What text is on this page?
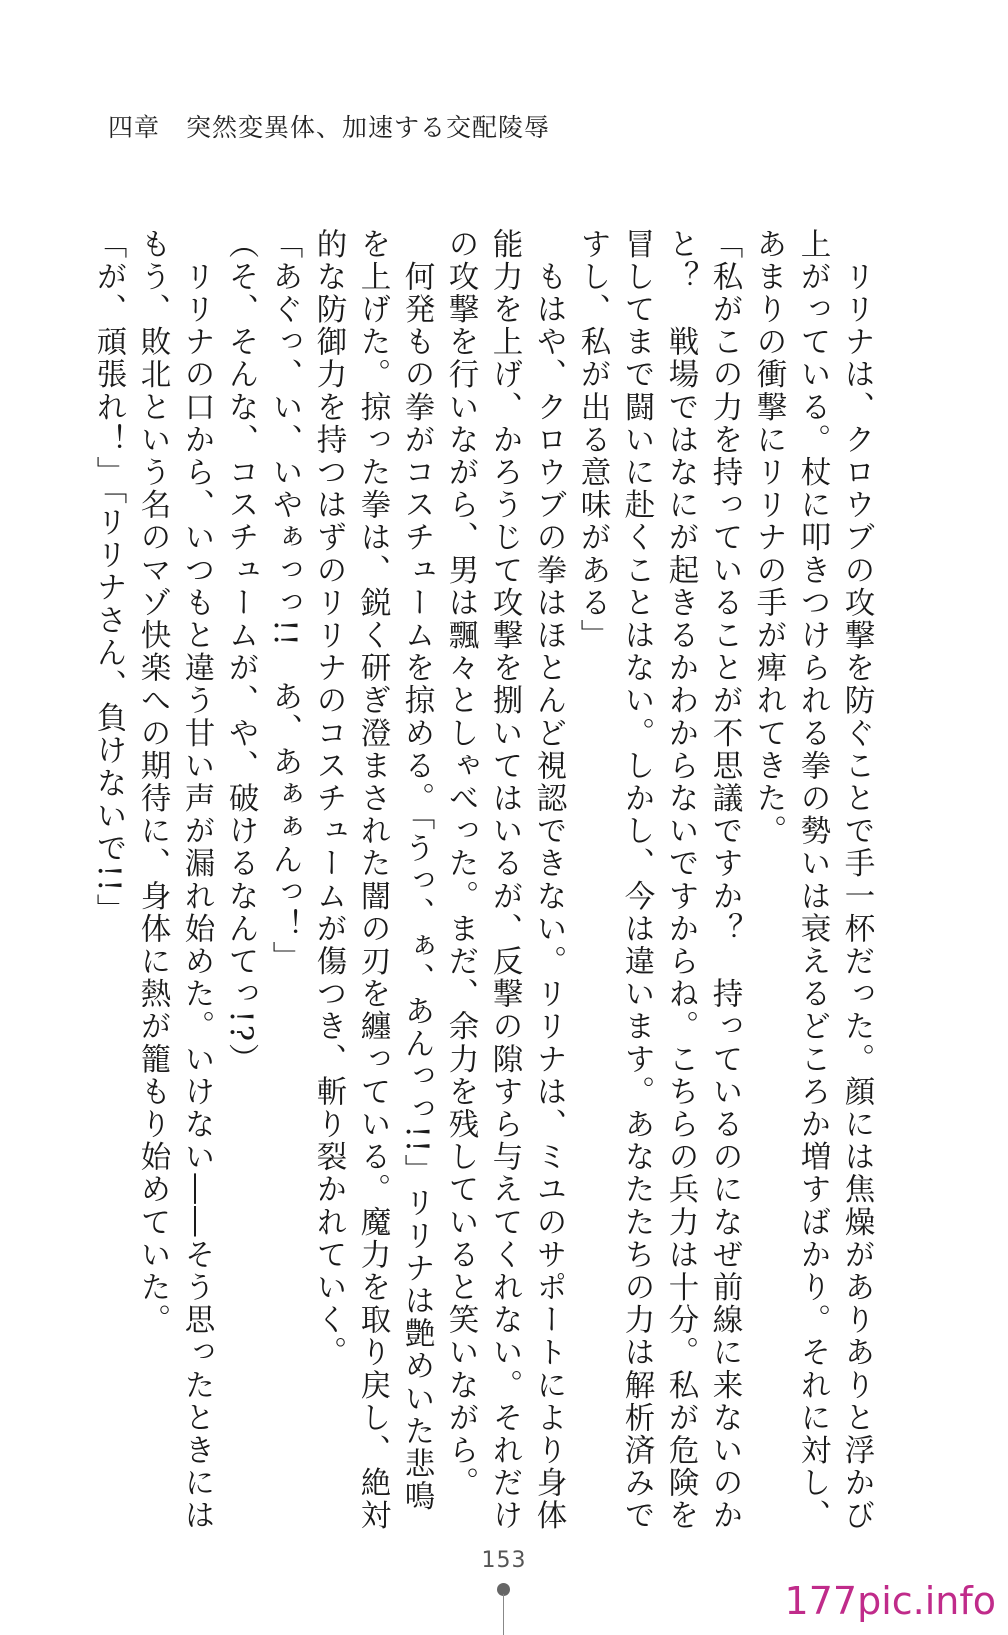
四章　突然変異体、加速する交配陵辱
　リリナは、クロウブの攻撃を防ぐことで手一杯だった。顔には焦燥がありありと浮かび
上がっている。杖に叩きつけられる拳の勢いは衰えるどころか増すばかり。それに対し、
あまりの衝撃にリリナの手が痺れてきた。
「私がこの力を持っていることが不思議ですか？　持っているのになぜ前線に来ないのか
と？　戦場ではなにが起きるかわからないですからね。こちらの兵力は十分。私が危険を
冒してまで闘いに赴くことはない。しかし、今は違います。あなたたちの力は解析済みで
すし、私が出る意味がある」
　もはや、クロウブの拳はほとんど視認できない。リリナは、ミユのサポートにより身体
能力を上げ、かろうじて攻撃を捌いてはいるが、反撃の隙すら与えてくれない。それだけ
の攻撃を行いながら、男は飄々としゃべった。まだ、余力を残していると笑いながら。
　何発もの拳がコスチュームを掠める。「うっ、ぁ、あんっっ!!」リリナは艶めいた悲鳴
を上げた。掠った拳は、鋭く研ぎ澄まされた闇の刃を纏っている。魔力を取り戻し、絶対
的な防御力を持つはずのリリナのコスチュームが傷つき、斬り裂かれていく。
「あぐっ、い、いやぁっっ!!　あ、あぁぁんっ！」
（そ、そんな、コスチュームが、や、破けるなんてっ!?）
　リリナの口から、いつもと違う甘い声が漏れ始めた。いけない――そう思ったときには
もう、敗北という名のマゾ快楽への期待に、身体に熱が籠もり始めていた。
「が、頑張れ！」「リリナさん、負けないで!!」
153
177pic.info
